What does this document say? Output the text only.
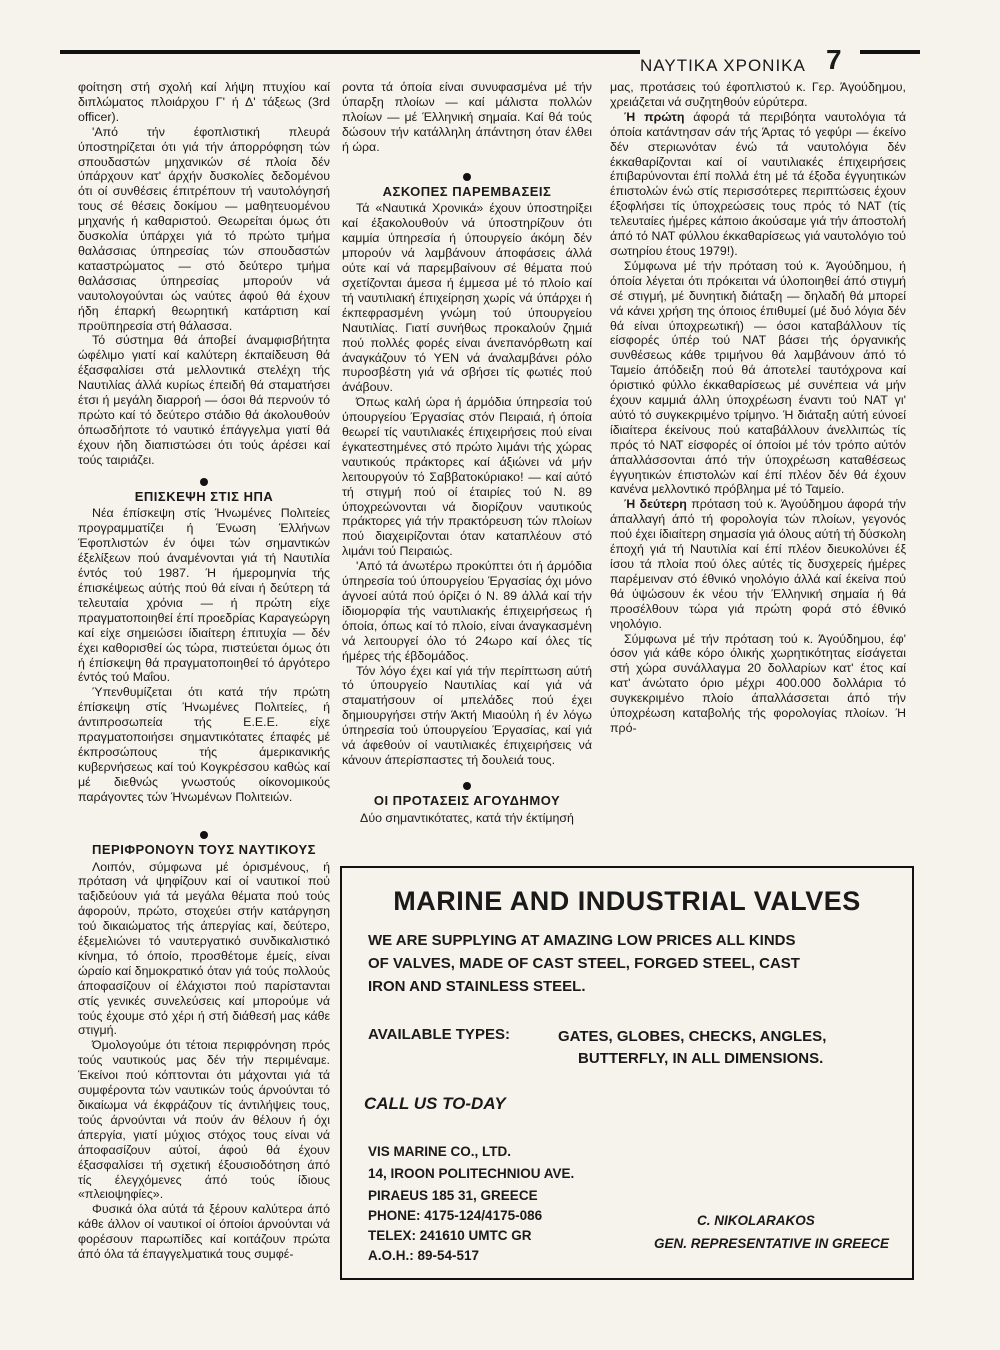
ΝΑΥΤΙΚΑ ΧΡΟΝΙΚΑ 7

φοίτηση στή σχολή καί λήψη πτυχίου καί διπλώματος πλοιάρχου Γ' ή Δ' τάξεως (3rd officer).

'Από τήν έφοπλιστική πλευρά ύποστηρίζεται ότι γιά τήν άπορρόφηση τών σπουδαστών μηχανικών σέ πλοία δέν ύπάρχουν κατ' άρχήν δυσκολίες δεδομένου ότι οί συνθέσεις έπιτρέπουν τή ναυτολόγησή τους σέ θέσεις δοκίμου — μαθητευομένου μηχανής ή καθαριστού. Θεωρείται όμως ότι δυσκολία ύπάρχει γιά τό πρώτο τμήμα θαλάσσιας ύπηρεσίας τών σπουδαστών καταστρώματος — στό δεύτερο τμήμα θαλάσσιας ύπηρεσίας μπορούν νά ναυτολογούνται ώς ναύτες άφού θά έχουν ήδη έπαρκή θεωρητική κατάρτιση καί προϋπηρεσία στή θάλασσα.

Τό σύστημα θά άποβεί άναμφισβήτητα ώφέλιμο γιατί καί καλύτερη έκπαίδευση θά έξασφαλίσει στά μελλοντικά στελέχη τής Ναυτιλίας άλλά κυρίως έπειδή θά σταματήσει έτσι ή μεγάλη διαρροή — όσοι θά περνούν τό πρώτο καί τό δεύτερο στάδιο θά άκολουθούν όπωσδήποτε τό ναυτικό έπάγγελμα γιατί θά έχουν ήδη διαπιστώσει ότι τούς άρέσει καί τούς ταιριάζει.

ΕΠΙΣΚΕΨΗ ΣΤΙΣ ΗΠΑ

Νέα έπίσκεψη στίς Ήνωμένες Πολιτείες προγραμματίζει ή Ένωση Έλλήνων Έφοπλιστών έν όψει τών σημαντικών έξελίξεων πού άναμένονται γιά τή Ναυτιλία έντός τού 1987. Ή ήμερομηνία τής έπισκέψεως αύτής πού θά είναι ή δεύτερη τά τελευταία χρόνια — ή πρώτη είχε πραγματοποιηθεί έπί προεδρίας Καραγεώργη καί είχε σημειώσει ίδιαίτερη έπιτυχία — δέν έχει καθορισθεί ώς τώρα, πιστεύεται όμως ότι ή έπίσκεψη θά πραγματοποιηθεί τό άργότερο έντός τού Μαΐου.

Ύπενθυμίζεται ότι κατά τήν πρώτη έπίσκεψη στίς Ήνωμένες Πολιτείες, ή άντιπροσωπεία τής Ε.Ε.Ε. είχε πραγματοποιήσει σημαντικότατες έπαφές μέ έκπροσώπους τής άμερικανικής κυβερνήσεως καί τού Κογκρέσσου καθώς καί μέ διεθνώς γνωστούς οίκονομικούς παράγοντες τών Ήνωμένων Πολιτειών.

ΠΕΡΙΦΡΟΝΟΥΝ ΤΟΥΣ ΝΑΥΤΙΚΟΥΣ

Λοιπόν, σύμφωνα μέ όρισμένους, ή πρόταση νά ψηφίζουν καί οί ναυτικοί πού ταξιδεύουν γιά τά μεγάλα θέματα πού τούς άφορούν, πρώτο, στοχεύει στήν κατάργηση τού δικαιώματος τής άπεργίας καί, δεύτερο, έξεμελιώνει τό ναυτεργατικό συνδικαλιστικό κίνημα, τό όποίο, προσθέτομε έμείς, είναι ώραίο καί δημοκρατικό όταν γιά τούς πολλούς άποφασίζουν οί έλάχιστοι πού παρίστανται στίς γενικές συνελεύσεις καί μπορούμε νά τούς έχουμε στό χέρι ή στή διάθεσή μας κάθε στιγμή.

Όμολογούμε ότι τέτοια περιφρόνηση πρός τούς ναυτικούς μας δέν τήν περιμέναμε. Έκείνοι πού κόπτονται ότι μάχονται γιά τά συμφέροντα τών ναυτικών τούς άρνούνται τό δικαίωμα νά έκφράζουν τίς άντιλήψεις τους, τούς άρνούνται νά πούν άν θέλουν ή όχι άπεργία, γιατί μύχιος στόχος τους είναι νά άποφασίζουν αύτοί, άφού θά έχουν έξασφαλίσει τή σχετική έξουσιοδότηση άπό τίς έλεγχόμενες άπό τούς ίδιους «πλειοψηφίες».

Φυσικά όλα αύτά τά ξέρουν καλύτερα άπό κάθε άλλον οί ναυτικοί οί όποίοι άρνούνται νά φορέσουν παρωπίδες καί κοιτάζουν πρώτα άπό όλα τά έπαγγελματικά τους συμφέ-

ροντα τά όποία είναι συνυφασμένα μέ τήν ύπαρξη πλοίων — καί μάλιστα πολλών πλοίων — μέ Έλληνική σημαία. Καί θά τούς δώσουν τήν κατάλληλη άπάντηση όταν έλθει ή ώρα.

ΑΣΚΟΠΕΣ ΠΑΡΕΜΒΑΣΕΙΣ

Τά «Ναυτικά Χρονικά» έχουν ύποστηρίξει καί έξακολουθούν νά ύποστηρίζουν ότι καμμία ύπηρεσία ή ύπουργείο άκόμη δέν μπορούν νά λαμβάνουν άποφάσεις άλλά ούτε καί νά παρεμβαίνουν σέ θέματα πού σχετίζονται άμεσα ή έμμεσα μέ τό πλοίο καί τή ναυτιλιακή έπιχείρηση χωρίς νά ύπάρχει ή έκπεφρασμένη γνώμη τού ύπουργείου Ναυτιλίας. Γιατί συνήθως προκαλούν ζημιά πού πολλές φορές είναι άνεπανόρθωτη καί άναγκάζουν τό ΥΕΝ νά άναλαμβάνει ρόλο πυροσβέστη γιά νά σβήσει τίς φωτιές πού άνάβουν.

Όπως καλή ώρα ή άρμόδια ύπηρεσία τού ύπουργείου Έργασίας στόν Πειραιά, ή όποία θεωρεί τίς ναυτιλιακές έπιχειρήσεις πού είναι έγκατεστημένες στό πρώτο λιμάνι τής χώρας ναυτικούς πράκτορες καί άξιώνει νά μήν λειτουργούν τό Σαββατοκύριακο! — καί αύτό τή στιγμή πού οί έταιρίες τού Ν. 89 ύποχρεώνονται νά διορίζουν ναυτικούς πράκτορες γιά τήν πρακτόρευση τών πλοίων πού διαχειρίζονται όταν καταπλέουν στό λιμάνι τού Πειραιώς.

'Από τά άνωτέρω προκύπτει ότι ή άρμόδια ύπηρεσία τού ύπουργείου Έργασίας όχι μόνο άγνοεί αύτά πού όρίζει ό Ν. 89 άλλά καί τήν ίδιομορφία τής ναυτιλιακής έπιχειρήσεως ή όποία, όπως καί τό πλοίο, είναι άναγκασμένη νά λειτουργεί όλο τό 24ωρο καί όλες τίς ήμέρες τής έβδομάδος.

Τόν λόγο έχει καί γιά τήν περίπτωση αύτή τό ύπουργείο Ναυτιλίας καί γιά νά σταματήσουν οί μπελάδες πού έχει δημιουργήσει στήν Άκτή Μιαούλη ή έν λόγω ύπηρεσία τού ύπουργείου Έργασίας, καί γιά νά άφεθούν οί ναυτιλιακές έπιχειρήσεις νά κάνουν άπερίσπαστες τή δουλειά τους.

ΟΙ ΠΡΟΤΑΣΕΙΣ ΑΓΟΥΔΗΜΟΥ
Δύο σημαντικότατες, κατά τήν έκτίμησή

μας, προτάσεις τού έφοπλιστού κ. Γερ. Άγούδημου, χρειάζεται νά συζητηθούν εύρύτερα.

Ή πρώτη άφορά τά περιβόητα ναυτολόγια τά όποία κατάντησαν σάν τής Άρτας τό γεφύρι — έκείνο δέν στεριωνόταν ένώ τά ναυτολόγια δέν έκκαθαρίζονται καί οί ναυτιλιακές έπιχειρήσεις έπιβαρύνονται έπί πολλά έτη μέ τά έξοδα έγγυητικών έπιστολών ένώ στίς περισσότερες περιπτώσεις έχουν έξοφλήσει τίς ύποχρεώσεις τους πρός τό ΝΑΤ (τίς τελευταίες ήμέρες κάποιο άκούσαμε γιά τήν άποστολή άπό τό ΝΑΤ φύλλου έκκαθαρίσεως γιά ναυτολόγιο τού σωτηρίου έτους 1979!).

Σύμφωνα μέ τήν πρόταση τού κ. Άγούδημου, ή όποία λέγεται ότι πρόκειται νά ύλοποιηθεί άπό στιγμή σέ στιγμή, μέ δυνητική διάταξη — δηλαδή θά μπορεί νά κάνει χρήση της όποιος έπιθυμεί (μέ δυό λόγια δέν θά είναι ύποχρεωτική) — όσοι καταβάλλουν τίς είσφορές ύπέρ τού ΝΑΤ βάσει τής όργανικής συνθέσεως κάθε τριμήνου θά λαμβάνουν άπό τό Ταμείο άπόδειξη πού θά άποτελεί ταυτόχρονα καί όριστικό φύλλο έκκαθαρίσεως μέ συνέπεια νά μήν έχουν καμμιά άλλη ύποχρέωση έναντι τού ΝΑΤ γι' αύτό τό συγκεκριμένο τρίμηνο. Ή διάταξη αύτή εύνοεί ίδιαίτερα έκείνους πού καταβάλλουν άνελλιπώς τίς πρός τό ΝΑΤ είσφορές οί όποίοι μέ τόν τρόπο αύτόν άπαλλάσσονται άπό τήν ύποχρέωση καταθέσεως έγγυητικών έπιστολών καί έπί πλέον δέν θά έχουν κανένα μελλοντικό πρόβλημα μέ τό Ταμείο.

Ή δεύτερη πρόταση τού κ. Άγούδημου άφορά τήν άπαλλαγή άπό τή φορολογία τών πλοίων, γεγονός πού έχει ίδιαίτερη σημασία γιά όλους αύτή τή δύσκολη έποχή γιά τή Ναυτιλία καί έπί πλέον διευκολύνει έξ ίσου τά πλοία πού όλες αύτές τίς δυσχερείς ήμέρες παρέμειναν στό έθνικό νηολόγιο άλλά καί έκείνα πού θά ύψώσουν έκ νέου τήν Έλληνική σημαία ή θά προσέλθουν τώρα γιά πρώτη φορά στό έθνικό νηολόγιο.

Σύμφωνα μέ τήν πρόταση τού κ. Άγούδημου, έφ' όσον γιά κάθε κόρο όλικής χωρητικότητας είσάγεται στή χώρα συνάλλαγμα 20 δολλαρίων κατ' έτος καί κατ' άνώτατο όριο μέχρι 400.000 δολλάρια τό συγκεκριμένο πλοίο άπαλλάσσεται άπό τήν ύποχρέωση καταβολής τής φορολογίας πλοίων. Ή πρό-

MARINE AND INDUSTRIAL VALVES
WE ARE SUPPLYING AT AMAZING LOW PRICES ALL KINDS
OF VALVES, MADE OF CAST STEEL, FORGED STEEL, CAST
IRON AND STAINLESS STEEL.
AVAILABLE TYPES:	GATES, GLOBES, CHECKS, ANGLES,
BUTTERFLY, IN ALL DIMENSIONS.
CALL US TO-DAY
VIS MARINE CO., LTD.
14, IROON POLITECHNIOU AVE.
PIRAEUS 185 31, GREECE
PHONE: 4175-124/4175-086
TELEX: 241610 UMTC GR
A.O.H.: 89-54-517
C. NIKOLARAKOS
GEN. REPRESENTATIVE IN GREECE
